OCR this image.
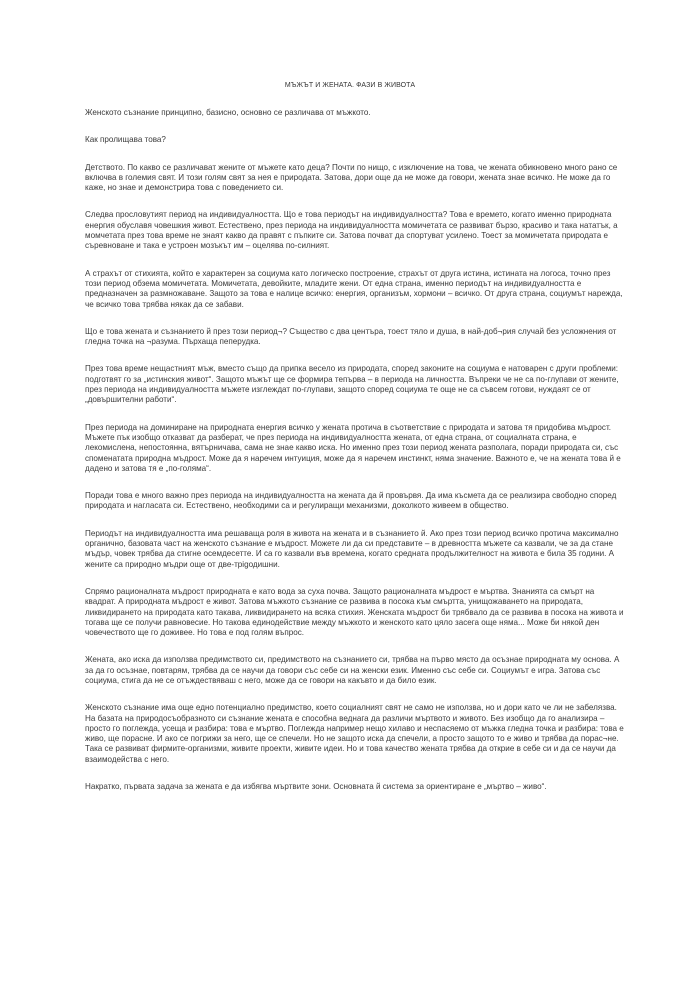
МЪЖЪТ И ЖЕНАТА. ФАЗИ В ЖИВОТА

Женското съзнание принципно, базисно, основно се различава от мъжкото.

Как пролищава това?

Детството. По какво се различават жените от мъжете като деца? Почти по нищо, с изключение на това, че жената обикновено много рано се включва в големия свят. И този голям свят за нея е природата. Затова, дори още да не може да говори, жената знае всичко. Не може да го каже, но знае и демонстрира това с поведението си.

Следва прословутият период на индивидуалността. Що е това периодът на индивидуалността? Това е времето, когато именно природната енергия обуславя човешкия живот. Естествено, през периода на индивидуалността момичетата се развиват бързо, красиво и така нататък, а момчетата през това време не знаят какво да правят с пъпките си. Затова почват да спортуват усилено. Тоест за момичетата природата е съревноване и така е устроен мозъкът им – оцелява по-силният.

А страхът от стихията, който е характерен за социума като логическо построение, страхът от друга истина, истината на логоса, точно през този период обзема момичетата. Момичетата, девойките, младите жени. От една страна, именно периодът на индивидуалността е предназначен за размножаване. Защото за това е налице всичко: енергия, организъм, хормони – всичко. От друга страна, социумът нарежда, че всичко това трябва някак да се забави.

Що е това жената и съзнанието й през този период¬? Същество с два центъра, тоест тяло и душа, в най-доб¬рия случай без усложнения от гледна точка на ¬разума. Пърхаща пеперудка.

През това време нещастният мъж, вместо също да припка весело из природата, според законите на социума е натоварен с други проблеми: подготвят го за „истинския живот“. Защото мъжът ще се формира тепърва – в периода на личността. Въпреки че не са по-глупави от жените, през периода на индивидуалността мъжете изглеждат по-глупави, защото според социума те още не са съвсем готови, нуждаят се от „довършителни работи“.

През периода на доминиране на природната енергия всичко у жената протича в съответствие с природата и затова тя придобива мъдрост. Мъжете пък изобщо отказват да разберат, че през периода на индивидуалността жената, от една страна, от социалната страна, е лекомислена, непостоянна, вятърничава, сама не знае какво иска. Но именно през този период жената разполага, поради природата си, със споменатата природна мъдрост. Може да я наречем интуиция, може да я наречем инстинкт, няма значение. Важното е, че на жената това й е дадено и затова тя е „по-голяма“.

Поради това е много важно през периода на индивидуалността на жената да й провървя. Да има късмета да се реализира свободно според природата и нагласата си. Естествено, необходими са и регулиращи механизми, доколкото живеем в общество.

Периодът на индивидуалността има решаваща роля в живота на жената и в съзнанието й. Ако през този период всичко протича максимално органично, базовата част на женското съзнание е мъдрост. Можете ли да си представите – в древността мъжете са казвали, че за да стане мъдър, човек трябва да стигне осемдесетте. И са го казвали във времена, когато средната продължителност на живота е била 35 години. А жените са природно мъдри още от две-трigодишни.

Спрямо рационалната мъдрост природната е като вода за суха почва. Защото рационалната мъдрост е мъртва. Знанията са смърт на квадрат. А природната мъдрост е живот. Затова мъжкото съзнание се развива в посока към смъртта, унищожаването на природата, ликвидирането на природата като такава, ликвидирането на всяка стихия. Женската мъдрост би трябвало да се развива в посока на живота и тогава ще се получи равновесие. Но такова единодействие между мъжкото и женското като цяло засега още няма... Може би някой ден човечеството ще го доживее. Но това е под голям въпрос.

Жената, ако иска да използва предимството си, предимството на съзнанието си, трябва на първо място да осъзнае природната му основа. А за да го осъзнае, повтарям, трябва да се научи да говори със себе си на женски език. Именно със себе си. Социумът е игра. Затова със социума, стига да не се отъждествяваш с него, може да се говори на какъвто и да било език.

Женското съзнание има още едно потенциално предимство, което социалният свят не само не използва, но и дори като че ли не забелязва. На базата на природосъобразното си съзнание жената е способна веднага да различи мъртвото и живото. Без изобщо да го анализира – просто го поглежда, усеща и разбира: това е мъртво. Поглежда например нещо хилаво и неспасяемо от мъжка гледна точка и разбира: това е живо, ще порасне. И ако се погрижи за него, ще се спечели. Но не защото иска да спечели, а просто защото то е живо и трябва да порас¬не. Така се развиват фирмите-организми, живите проекти, живите идеи. Но и това качество жената трябва да открие в себе си и да се научи да взаимодейства с него.

Накратко, първата задача за жената е да избягва мъртвите зони. Основната й система за ориентиране е „мъртво – живо“.
